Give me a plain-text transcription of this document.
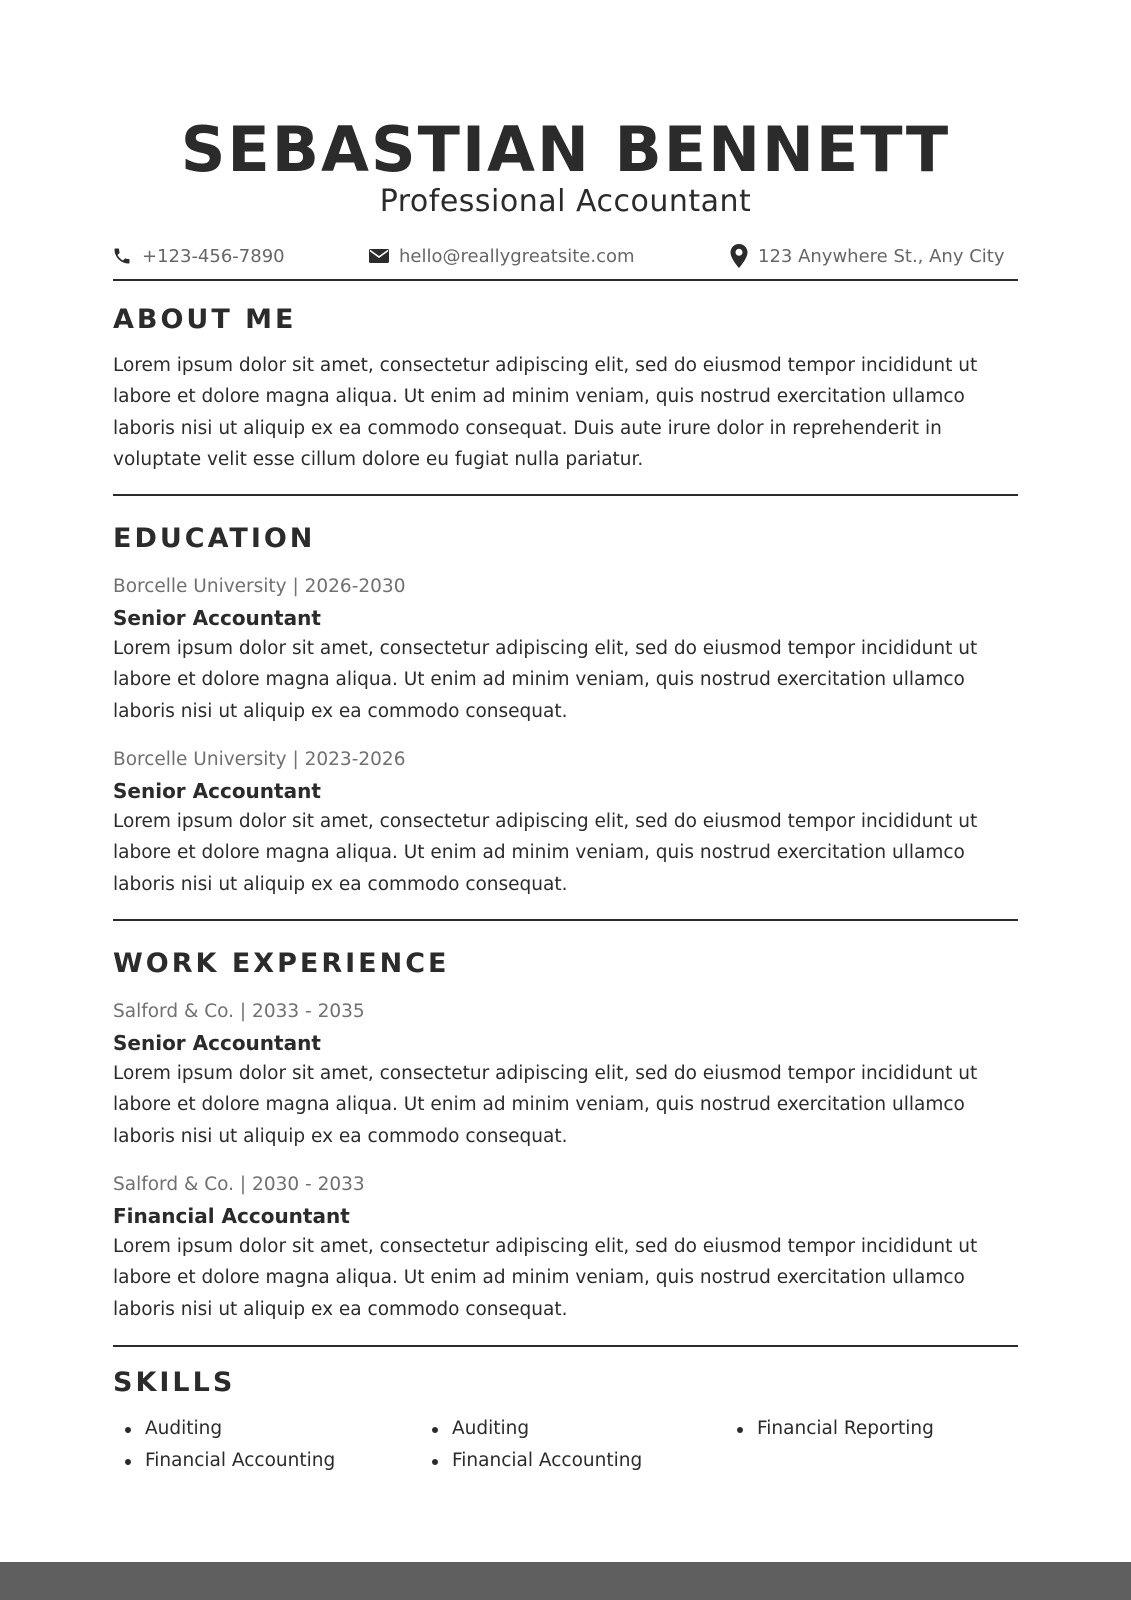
SEBASTIAN BENNETT
Professional Accountant
+123-456-7890	hello@reallygreatsite.com	123 Anywhere St., Any City
ABOUT ME
Lorem ipsum dolor sit amet, consectetur adipiscing elit, sed do eiusmod tempor incididunt ut labore et dolore magna aliqua. Ut enim ad minim veniam, quis nostrud exercitation ullamco laboris nisi ut aliquip ex ea commodo consequat. Duis aute irure dolor in reprehenderit in voluptate velit esse cillum dolore eu fugiat nulla pariatur.
EDUCATION
Borcelle University | 2026-2030
Senior Accountant
Lorem ipsum dolor sit amet, consectetur adipiscing elit, sed do eiusmod tempor incididunt ut labore et dolore magna aliqua. Ut enim ad minim veniam, quis nostrud exercitation ullamco laboris nisi ut aliquip ex ea commodo consequat.
Borcelle University | 2023-2026
Senior Accountant
Lorem ipsum dolor sit amet, consectetur adipiscing elit, sed do eiusmod tempor incididunt ut labore et dolore magna aliqua. Ut enim ad minim veniam, quis nostrud exercitation ullamco laboris nisi ut aliquip ex ea commodo consequat.
WORK EXPERIENCE
Salford & Co. | 2033 - 2035
Senior Accountant
Lorem ipsum dolor sit amet, consectetur adipiscing elit, sed do eiusmod tempor incididunt ut labore et dolore magna aliqua. Ut enim ad minim veniam, quis nostrud exercitation ullamco laboris nisi ut aliquip ex ea commodo consequat.
Salford & Co. | 2030 - 2033
Financial Accountant
Lorem ipsum dolor sit amet, consectetur adipiscing elit, sed do eiusmod tempor incididunt ut labore et dolore magna aliqua. Ut enim ad minim veniam, quis nostrud exercitation ullamco laboris nisi ut aliquip ex ea commodo consequat.
SKILLS
Auditing
Financial Accounting
Auditing
Financial Accounting
Financial Reporting
